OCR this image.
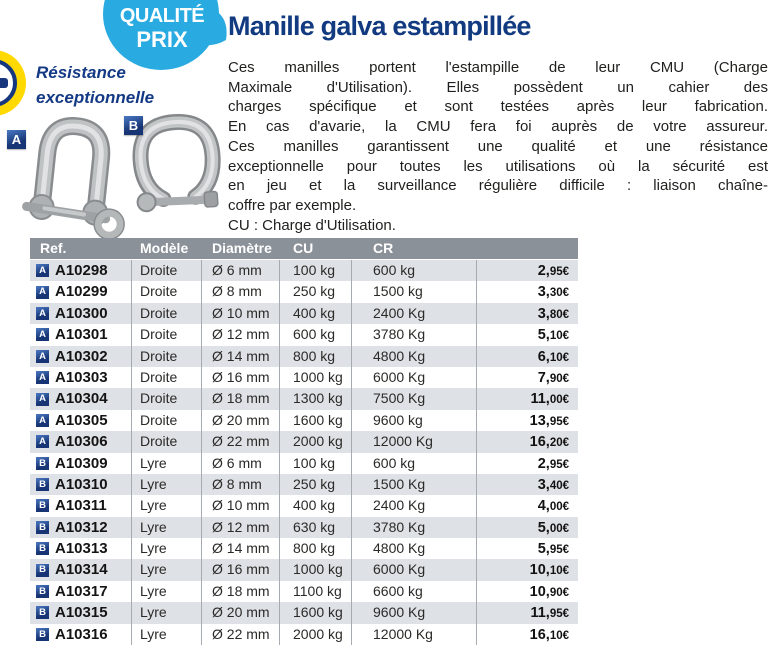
QUALITÉ
PRIX	Manille galva estampillée
Résistance
exceptionnelle
Ces manilles portent l'estampille de leur CMU (Charge
Maximale d'Utilisation). Elles possèdent un cahier des
charges spécifique et sont testées après leur fabrication.
En cas d'avarie, la CMU fera foi auprès de votre assureur.
Ces manilles garantissent une qualité et une résistance
exceptionnelle pour toutes les utilisations où la sécurité est
en jeu et la surveillance régulière difficile : liaison chaîne-
coffre par exemple.
CU : Charge d'Utilisation.
A
B
Ref.	Modèle	Diamètre	CU	CR
A A10298	Droite	Ø 6 mm	100 kg	600 kg	2,95€
A A10299	Droite	Ø 8 mm	250 kg	1500 kg	3,30€
A A10300	Droite	Ø 10 mm	400 kg	2400 Kg	3,80€
A A10301	Droite	Ø 12 mm	600 kg	3780 Kg	5,10€
A A10302	Droite	Ø 14 mm	800 kg	4800 Kg	6,10€
A A10303	Droite	Ø 16 mm	1000 kg	6000 Kg	7,90€
A A10304	Droite	Ø 18 mm	1300 kg	7500 Kg	11,00€
A A10305	Droite	Ø 20 mm	1600 kg	9600 kg	13,95€
A A10306	Droite	Ø 22 mm	2000 kg	12000 Kg	16,20€
B A10309	Lyre	Ø 6 mm	100 kg	600 kg	2,95€
B A10310	Lyre	Ø 8 mm	250 kg	1500 Kg	3,40€
B A10311	Lyre	Ø 10 mm	400 kg	2400 Kg	4,00€
B A10312	Lyre	Ø 12 mm	630 kg	3780 Kg	5,00€
B A10313	Lyre	Ø 14 mm	800 kg	4800 Kg	5,95€
B A10314	Lyre	Ø 16 mm	1000 kg	6000 Kg	10,10€
B A10317	Lyre	Ø 18 mm	1100 kg	6600 kg	10,90€
B A10315	Lyre	Ø 20 mm	1600 kg	9600 Kg	11,95€
B A10316	Lyre	Ø 22 mm	2000 kg	12000 Kg	16,10€
